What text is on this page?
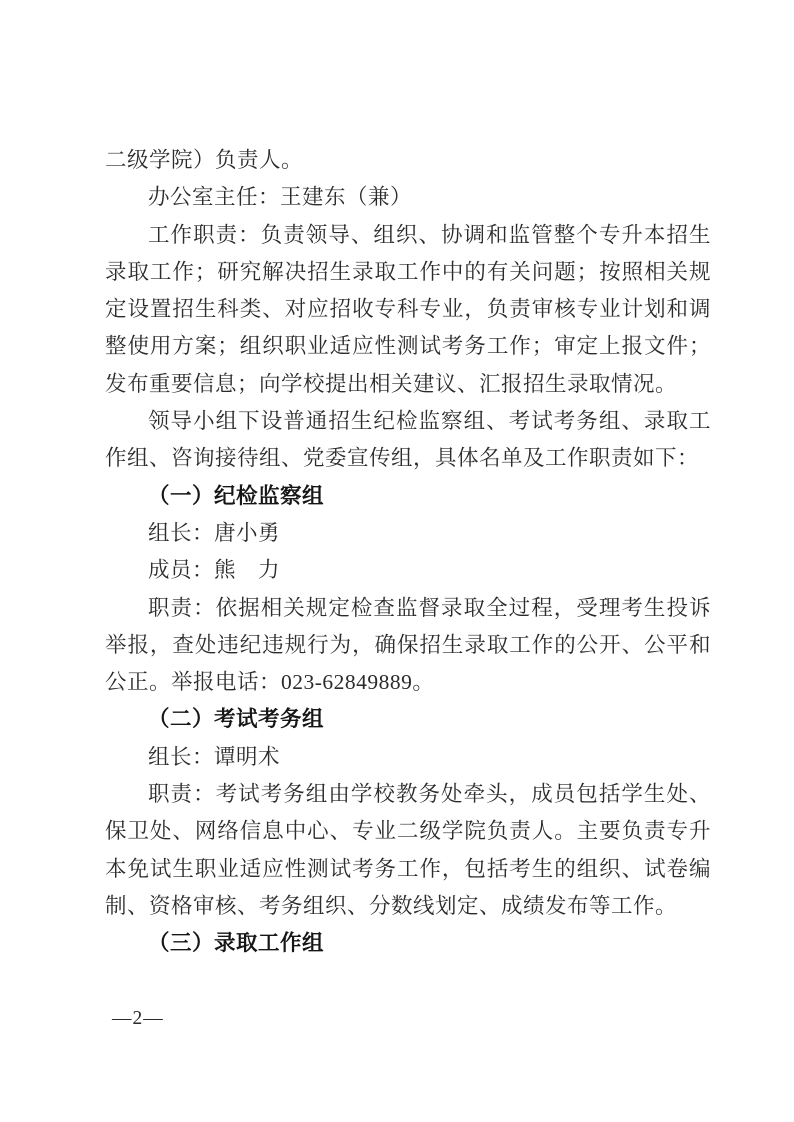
二级学院）负责人。

办公室主任：王建东（兼）

工作职责：负责领导、组织、协调和监管整个专升本招生录取工作；研究解决招生录取工作中的有关问题；按照相关规定设置招生科类、对应招收专科专业，负责审核专业计划和调整使用方案；组织职业适应性测试考务工作；审定上报文件；发布重要信息；向学校提出相关建议、汇报招生录取情况。

领导小组下设普通招生纪检监察组、考试考务组、录取工作组、咨询接待组、党委宣传组，具体名单及工作职责如下：

（一）纪检监察组

组长：唐小勇

成员：熊　力

职责：依据相关规定检查监督录取全过程，受理考生投诉举报，查处违纪违规行为，确保招生录取工作的公开、公平和公正。举报电话：023-62849889。

（二）考试考务组

组长：谭明术

职责：考试考务组由学校教务处牵头，成员包括学生处、保卫处、网络信息中心、专业二级学院负责人。主要负责专升本免试生职业适应性测试考务工作，包括考生的组织、试卷编制、资格审核、考务组织、分数线划定、成绩发布等工作。

（三）录取工作组

—2—
